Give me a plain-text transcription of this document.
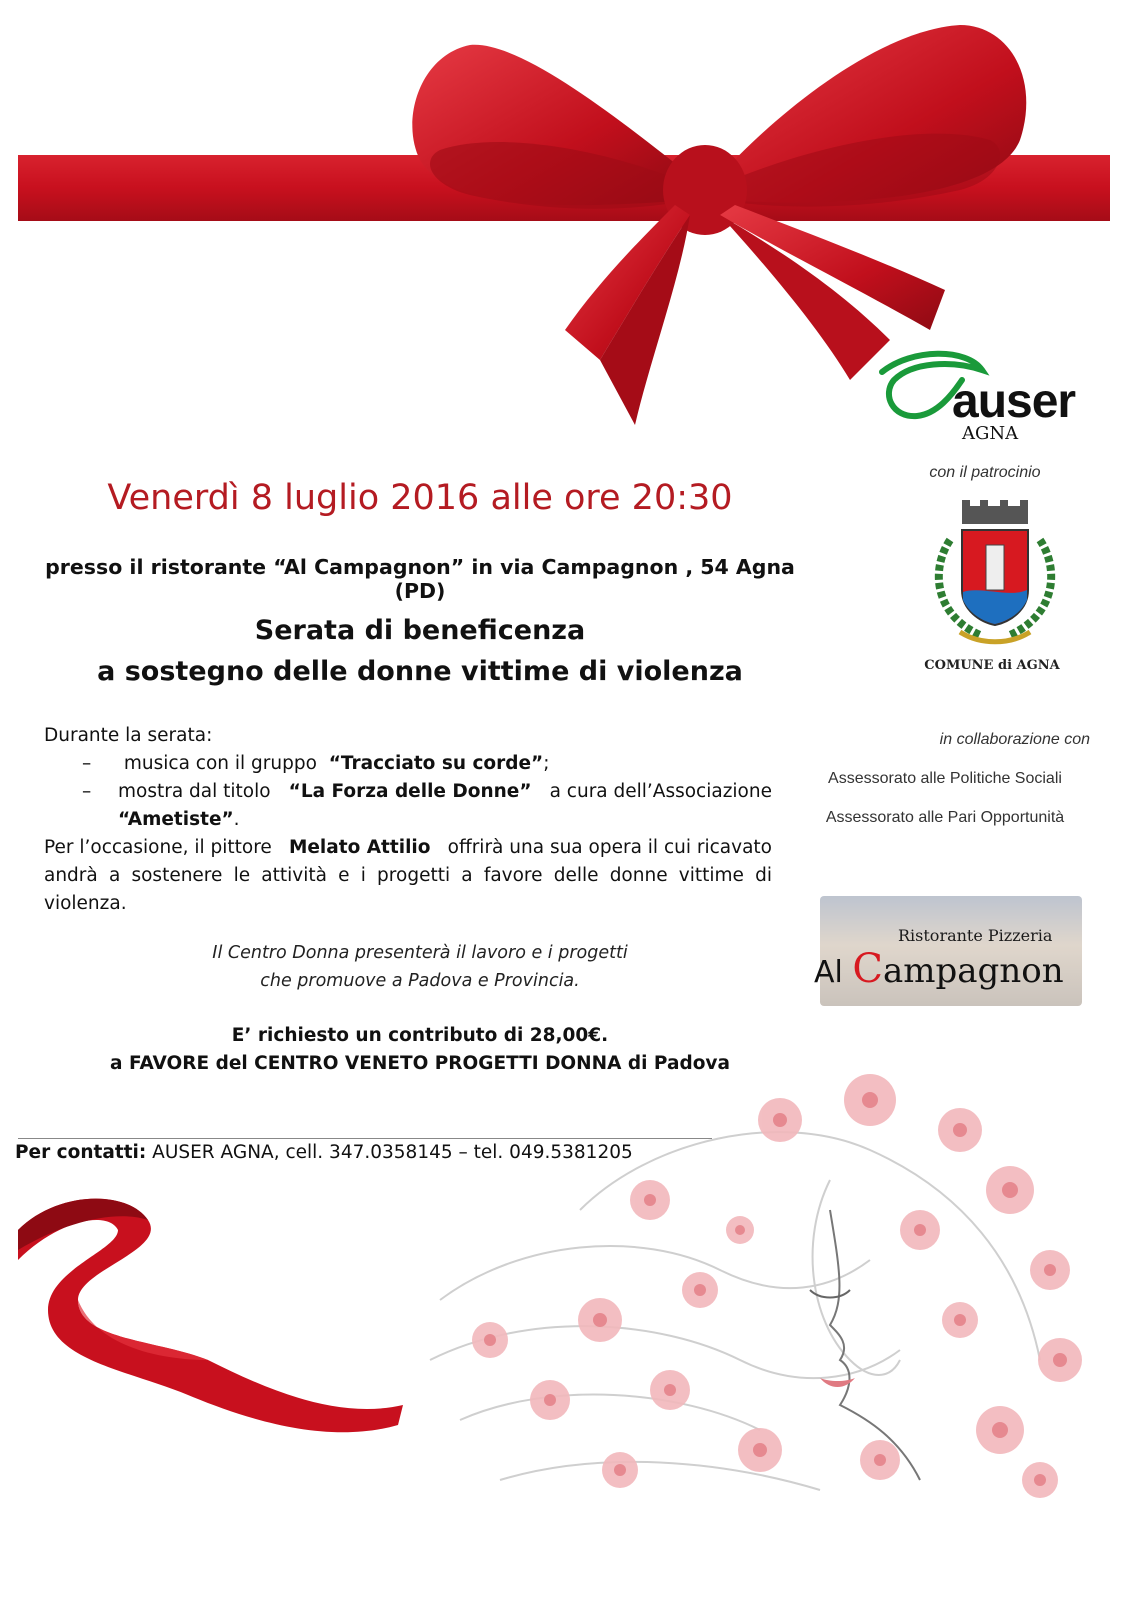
auser
AGNA
con il patrocinio
COMUNE di AGNA
in collaborazione con
Assessorato alle Politiche Sociali
Assessorato alle Pari Opportunità
Ristorante Pizzeria
Al Campagnon
Venerdì 8 luglio 2016 alle ore 20:30
presso il ristorante “Al Campagnon” in via Campagnon , 54 Agna (PD)
Serata di beneficenza
a sostegno delle donne vittime di violenza
Durante la serata:
– musica con il gruppo “Tracciato su corde”;
–	mostra dal titolo “La Forza delle Donne” a cura dell’Associazione
“Ametiste”.
Per l’occasione, il pittore Melato Attilio offrirà una sua opera il cui ricavato
andrà a sostenere le attività e i progetti a favore delle donne vittime di
violenza.
Il Centro Donna presenterà il lavoro e i progetti
che promuove a Padova e Provincia.
E’ richiesto un contributo di 28,00€.
a FAVORE del CENTRO VENETO PROGETTI DONNA di Padova
Per contatti: AUSER AGNA, cell. 347.0358145 – tel. 049.5381205
